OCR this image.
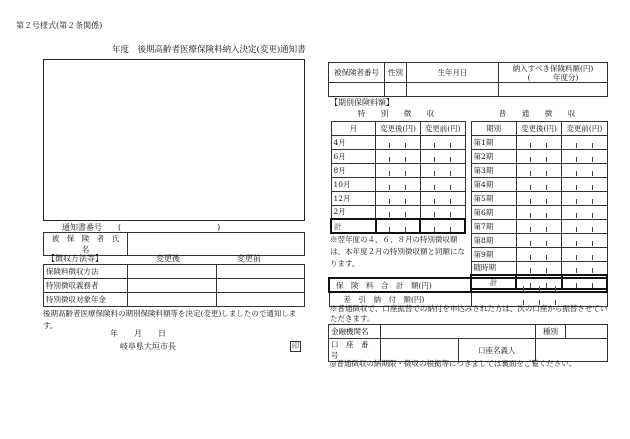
第２号様式(第２条関係)
年度　後期高齢者医療保険料納入決定(変更)通知書
通知書番号　　(　　　　　　　　　　　　)
被　保　険　者　氏　名	
【徴収方法等】	変更後	変更前
保険料徴収方法		
特別徴収義務者		
特別徴収対象年金		
後期高齢者医療保険料の期別保険料額等を決定(変更)しましたので通知します。
年　　月　　日
岐阜県大垣市長	印
被保険者番号	性別	生年月日	納入すべき保険料額(円)
(　　　年度分)

【期別保険料額】
特　別　徴　収		
月	変更後(円)	変更前(円)
4月	　　	　　
6月	　　	　　
8月	　　	　　
10月	　　	　　
12月	　　	　　
2月	　　	　　
計	　　	　　
※翌年度の４、６、８月の特別徴収額は、本年度２月の特別徴収額と同額になります。
普　通　徴　収		
期別	変更後(円)	変更前(円)
第1期	　　	　　
第2期	　　	　　
第3期	　　	　　
第4期	　　	　　
第5期	　　	　　
第6期	　　	　　
第7期	　　	　　
第8期	　　	　　
第9期	　　	　　
随時期	　　	　　
計	　　	　　
保　険　料　合　計　額(円)	　　　　
差　引　納　付　額(円)	　　　　
※普通徴収で、口座振替での納付を申込みされた方は、次の口座から振替させていただきます。
金融機関名			種別	
口　座　番　号		口座名義人		
◎普通徴収の納期限・徴収の根拠等につきましては裏面をご覧ください。
